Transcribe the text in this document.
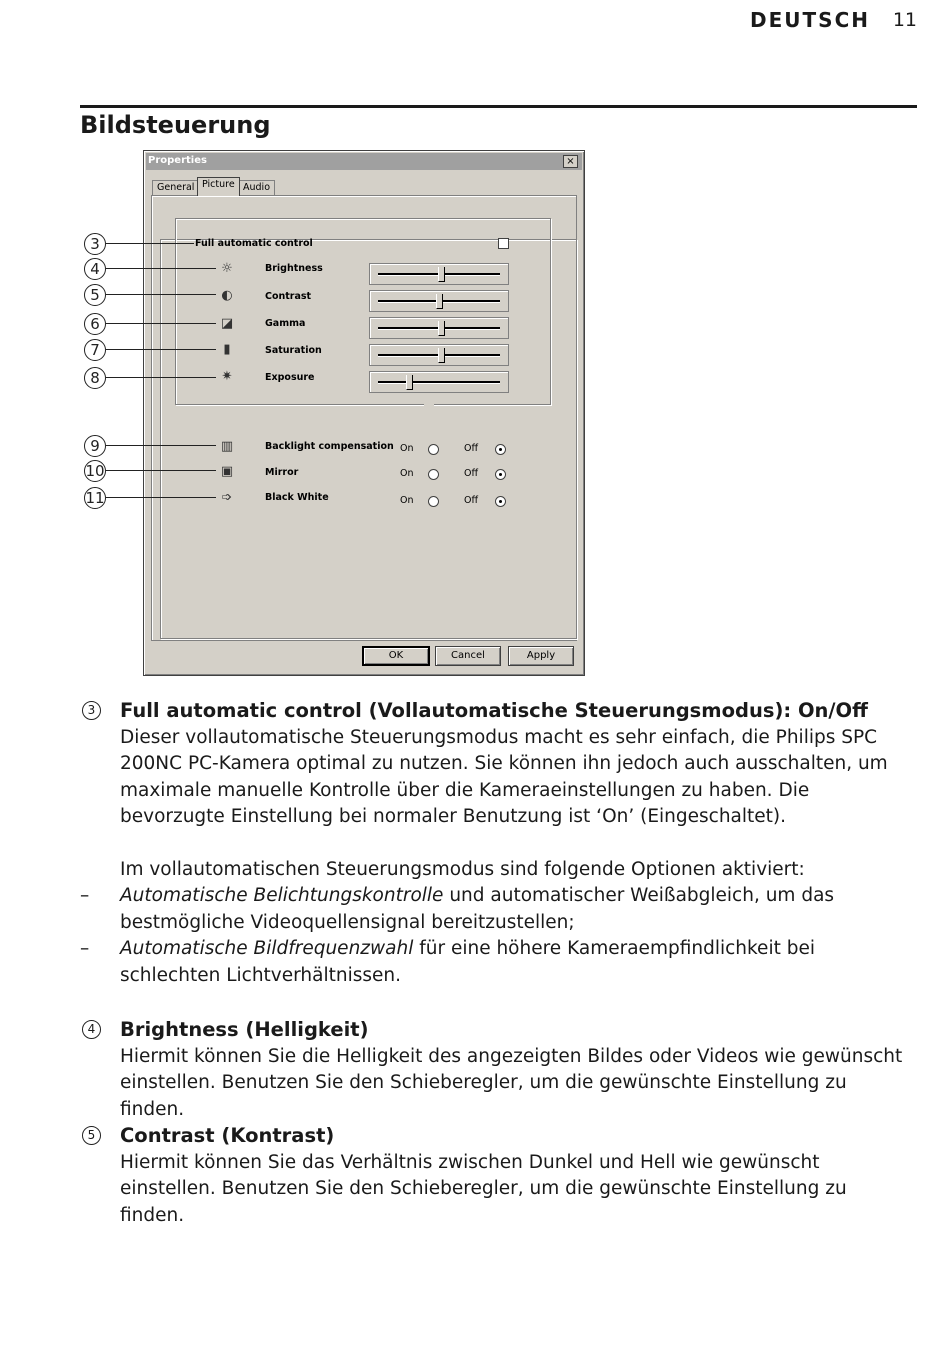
DEUTSCH 11
Bildsteuerung
Properties	×
General Picture Audio
Full automatic control
☼	Brightness
◐	Contrast
◪	Gamma
▮	Saturation
✷	Exposure
▥	Backlight compensation On	Off
▣	Mirror	On	Off
➩	Black White	On	Off
OK	Cancel	Apply
3
4
5
6
7
8
9
10
11
3 Full automatic control (Vollautomatische Steuerungsmodus): On/Off
Dieser vollautomatische Steuerungsmodus macht es sehr einfach, die Philips SPC 200NC PC-Kamera optimal zu nutzen. Sie können ihn jedoch auch ausschalten, um maximale manuelle Kontrolle über die Kameraeinstellungen zu haben. Die bevorzugte Einstellung bei normaler Benutzung ist ‘On’ (Eingeschaltet).
Im vollautomatischen Steuerungsmodus sind folgende Optionen aktiviert:
– Automatische Belichtungskontrolle und automatischer Weißabgleich, um das bestmögliche Videoquellensignal bereitzustellen;
– Automatische Bildfrequenzwahl für eine höhere Kameraempfindlichkeit bei schlechten Lichtverhältnissen.
4 Brightness (Helligkeit)
Hiermit können Sie die Helligkeit des angezeigten Bildes oder Videos wie gewünscht einstellen. Benutzen Sie den Schieberegler, um die gewünschte Einstellung zu finden.
5 Contrast (Kontrast)
Hiermit können Sie das Verhältnis zwischen Dunkel und Hell wie gewünscht einstellen. Benutzen Sie den Schieberegler, um die gewünschte Einstellung zu finden.
